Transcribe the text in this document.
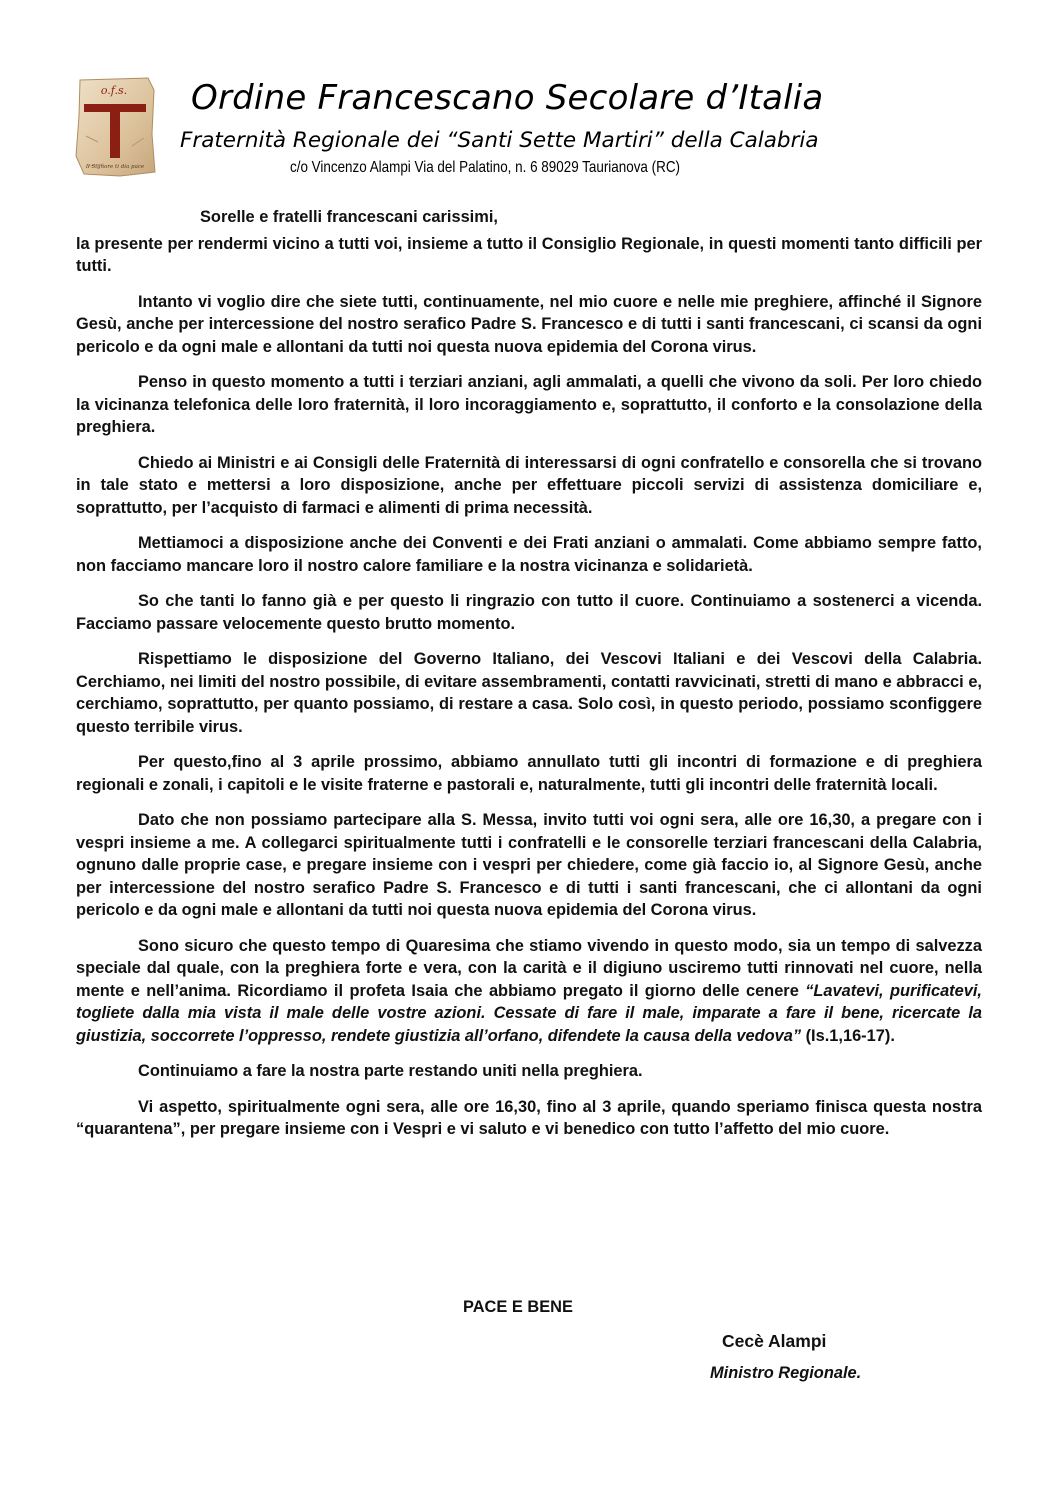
o.f.s.
Il Signore ti dia pace
Ordine Francescano Secolare d’Italia
Fraternità Regionale dei “Santi Sette Martiri” della Calabria
c/o Vincenzo Alampi Via del Palatino, n. 6 89029 Taurianova (RC)
Sorelle e fratelli francescani carissimi,

la presente per rendermi vicino a tutti voi, insieme a tutto il Consiglio Regionale, in questi momenti tanto difficili per tutti.

Intanto vi voglio dire che siete tutti, continuamente, nel mio cuore e nelle mie preghiere, affinché il Signore Gesù, anche per intercessione del nostro serafico Padre S. Francesco e di tutti i santi francescani, ci scansi da ogni pericolo e da ogni male e allontani da tutti noi questa nuova epidemia del Corona virus.

Penso in questo momento a tutti i terziari anziani, agli ammalati, a quelli che vivono da soli. Per loro chiedo la vicinanza telefonica delle loro fraternità, il loro incoraggiamento e, soprattutto, il conforto e la consolazione della preghiera.

Chiedo ai Ministri e ai Consigli delle Fraternità di interessarsi di ogni confratello e consorella che si trovano in tale stato e mettersi a loro disposizione, anche per effettuare piccoli servizi di assistenza domiciliare e, soprattutto, per l’acquisto di farmaci e alimenti di prima necessità.

Mettiamoci a disposizione anche dei Conventi e dei Frati anziani o ammalati. Come abbiamo sempre fatto, non facciamo mancare loro il nostro calore familiare e la nostra vicinanza e solidarietà.

So che tanti lo fanno già e per questo li ringrazio con tutto il cuore. Continuiamo a sostenerci a vicenda. Facciamo passare velocemente questo brutto momento.

Rispettiamo le disposizione del Governo Italiano, dei Vescovi Italiani e dei Vescovi della Calabria. Cerchiamo, nei limiti del nostro possibile, di evitare assembramenti, contatti ravvicinati, stretti di mano e abbracci e, cerchiamo, soprattutto, per quanto possiamo, di restare a casa. Solo così, in questo periodo, possiamo sconfiggere questo terribile virus.

Per questo,fino al 3 aprile prossimo, abbiamo annullato tutti gli incontri di formazione e di preghiera regionali e zonali, i capitoli e le visite fraterne e pastorali e, naturalmente, tutti gli incontri delle fraternità locali.

Dato che non possiamo partecipare alla S. Messa, invito tutti voi ogni sera, alle ore 16,30, a pregare con i vespri insieme a me. A collegarci spiritualmente tutti i confratelli e le consorelle terziari francescani della Calabria, ognuno dalle proprie case, e pregare insieme con i vespri per chiedere, come già faccio io, al Signore Gesù, anche per intercessione del nostro serafico Padre S. Francesco e di tutti i santi francescani, che ci allontani da ogni pericolo e da ogni male e allontani da tutti noi questa nuova epidemia del Corona virus.

Sono sicuro che questo tempo di Quaresima che stiamo vivendo in questo modo, sia un tempo di salvezza speciale dal quale, con la preghiera forte e vera, con la carità e il digiuno usciremo tutti rinnovati nel cuore, nella mente e nell’anima. Ricordiamo il profeta Isaia che abbiamo pregato il giorno delle cenere “Lavatevi, purificatevi, togliete dalla mia vista il male delle vostre azioni. Cessate di fare il male, imparate a fare il bene, ricercate la giustizia, soccorrete l’oppresso, rendete giustizia all’orfano, difendete la causa della vedova” (Is.1,16-17).

Continuiamo a fare la nostra parte restando uniti nella preghiera.

Vi aspetto, spiritualmente ogni sera, alle ore 16,30, fino al 3 aprile, quando speriamo finisca questa nostra “quarantena”, per pregare insieme con i Vespri e vi saluto e vi benedico con tutto l’affetto del mio cuore.

PACE E BENE
Cecè Alampi
Ministro Regionale.
